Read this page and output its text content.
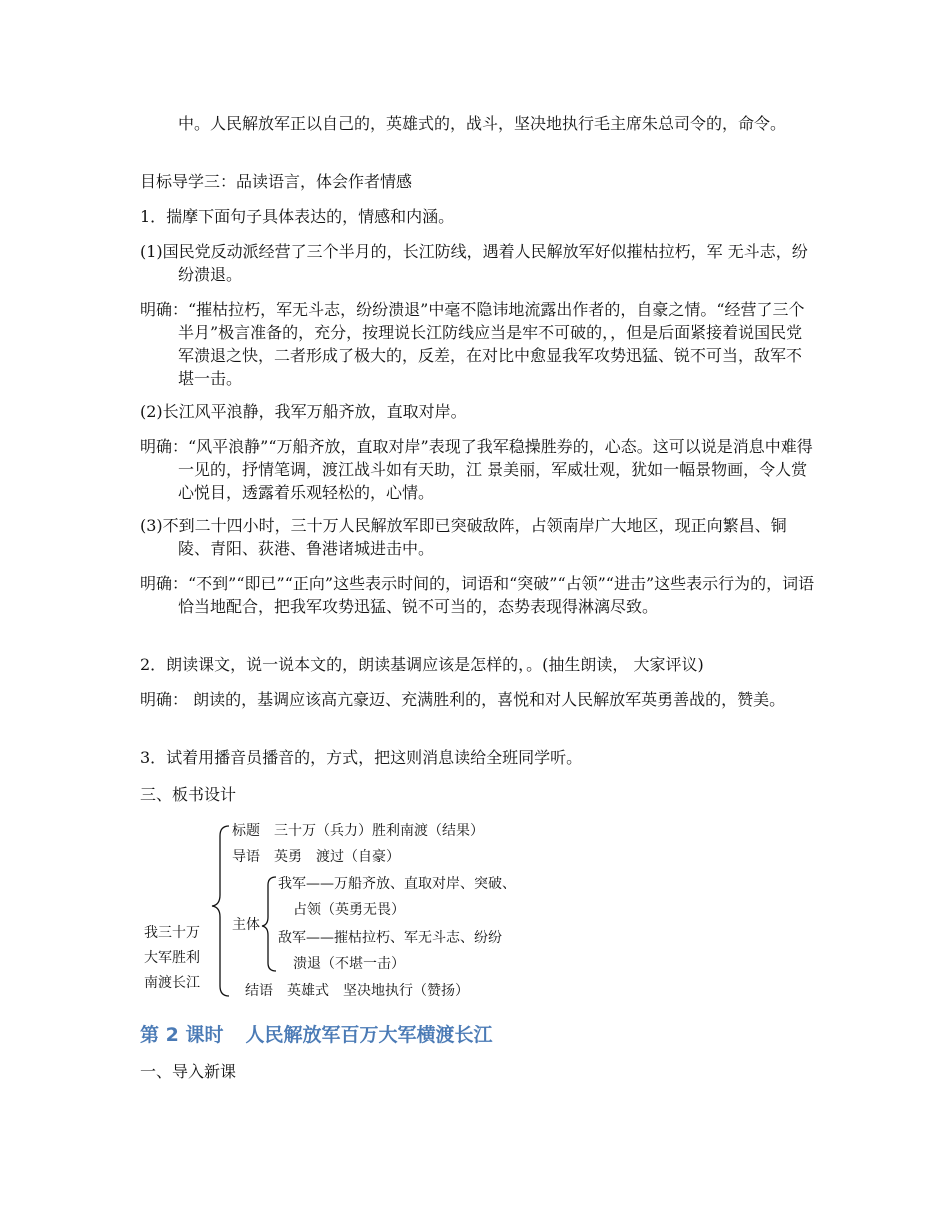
中。人民解放军正以自己的，英雄式的，战斗，坚决地执行毛主席朱总司令的，命令。
目标导学三：品读语言，体会作者情感
1．揣摩下面句子具体表达的，情感和内涵。
(1)国民党反动派经营了三个半月的，长江防线，遇着人民解放军好似摧枯拉朽，军 无斗志，纷纷溃退。
明确：“摧枯拉朽，军无斗志，纷纷溃退”中毫不隐讳地流露出作者的，自豪之情。“经营了三个半月”极言准备的，充分，按理说长江防线应当是牢不可破的，，但是后面紧接着说国民党军溃退之快，二者形成了极大的，反差，在对比中愈显我军攻势迅猛、锐不可当，敌军不堪一击。
(2)长江风平浪静，我军万船齐放，直取对岸。
明确：“风平浪静”“万船齐放，直取对岸”表现了我军稳操胜券的，心态。这可以说是消息中难得一见的，抒情笔调，渡江战斗如有天助，江 景美丽，军威壮观，犹如一幅景物画，令人赏心悦目，透露着乐观轻松的，心情。
(3)不到二十四小时，三十万人民解放军即已突破敌阵，占领南岸广大地区，现正向繁昌、铜陵、青阳、荻港、鲁港诸城进击中。
明确：“不到”“即已”“正向”这些表示时间的，词语和“突破”“占领”“进击”这些表示行为的，词语恰当地配合，把我军攻势迅猛、锐不可当的，态势表现得淋漓尽致。
2．朗读课文，说一说本文的，朗读基调应该是怎样的，。(抽生朗读， 大家评议)
明确： 朗读的，基调应该高亢豪迈、充满胜利的，喜悦和对人民解放军英勇善战的，赞美。
3．试着用播音员播音的，方式，把这则消息读给全班同学听。
三、板书设计
我三十万
大军胜利
南渡长江
标题　三十万（兵力）胜利南渡（结果）
导语　英勇　渡过（自豪）
主体
我军——万船齐放、直取对岸、突破、
占领（英勇无畏）
敌军——摧枯拉朽、军无斗志、纷纷
溃退（不堪一击）
结语　英雄式　坚决地执行（赞扬）
第 2 课时 人民解放军百万大军横渡长江
一、导入新课
